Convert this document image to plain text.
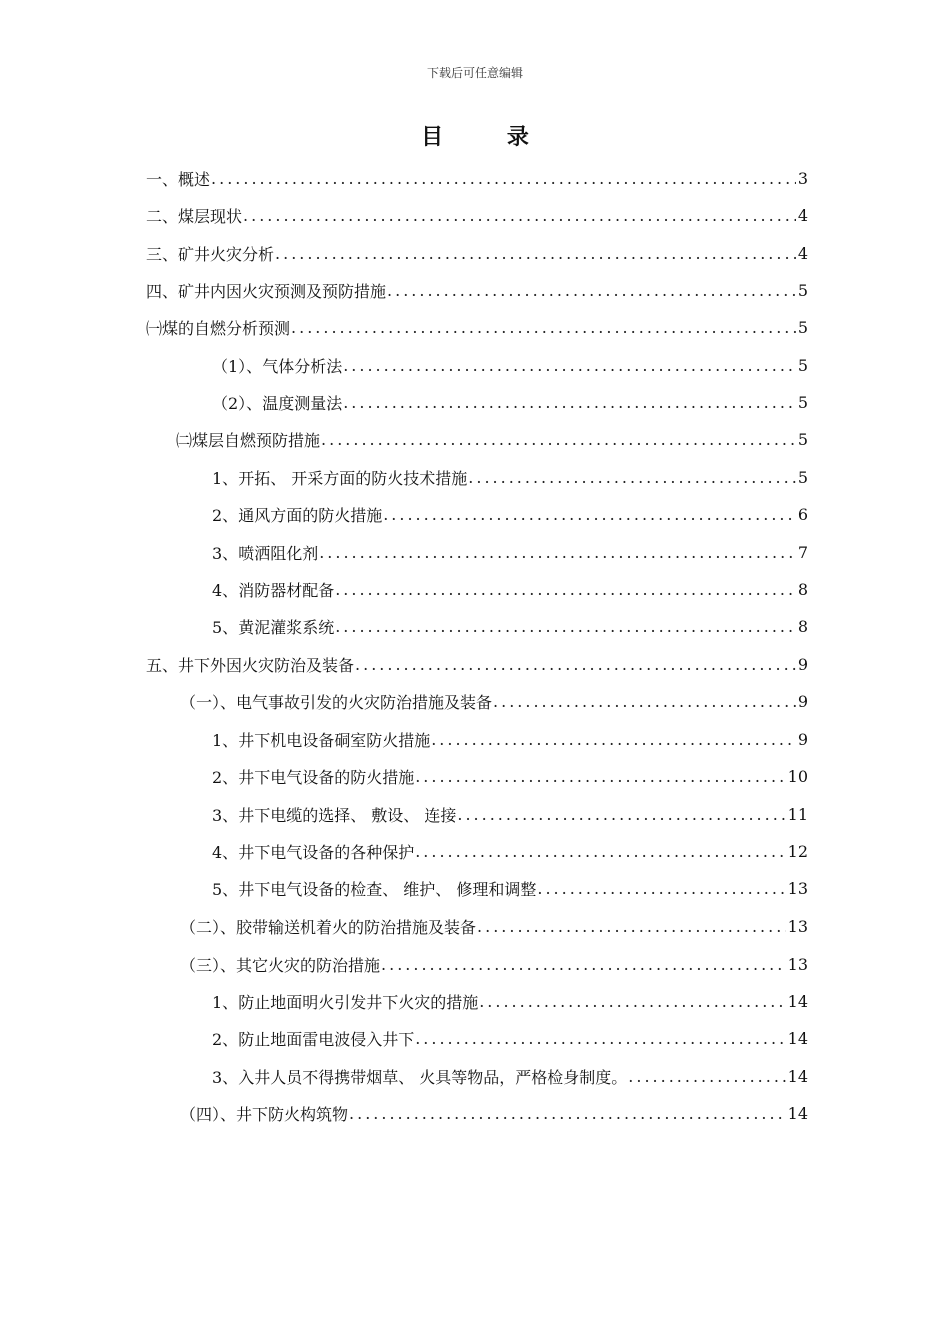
下载后可任意编辑
目 录
一、 概述 .....	3
二、 煤层现状 .....	4
三、 矿井火灾分析 .....	4
四、 矿井内因火灾预测及预防措施 .....	5
㈠ 煤的自燃分析预测 .....	5
（1）、 气体分析法 .....	5
（2）、 温度测量法 .....	5
㈡ 煤层自燃预防措施 .....	5
1、 开拓、 开采方面的防火技术措施 .....	5
2、 通风方面的防火措施 .....	6
3、 喷洒阻化剂 .....	7
4、 消防器材配备 .....	8
5、 黄泥灌浆系统 .....	8
五、 井下外因火灾防治及装备 .....	9
（一）、 电气事故引发的火灾防治措施及装备 .....	9
1、 井下机电设备硐室防火措施 .....	9
2、 井下电气设备的防火措施 .....	10
3、 井下电缆的选择、 敷设、 连接 .....	11
4、 井下电气设备的各种保护 .....	12
5、 井下电气设备的检查、 维护、 修理和调整 .....	13
（二）、 胶带输送机着火的防治措施及装备 .....	13
（三）、 其它火灾的防治措施 .....	13
1、 防止地面明火引发井下火灾的措施 .....	14
2、 防止地面雷电波侵入井下 .....	14
3、 入井人员不得携带烟草、 火具等物品，严格检身制度。 .....	14
（四）、 井下防火构筑物 .....	14
